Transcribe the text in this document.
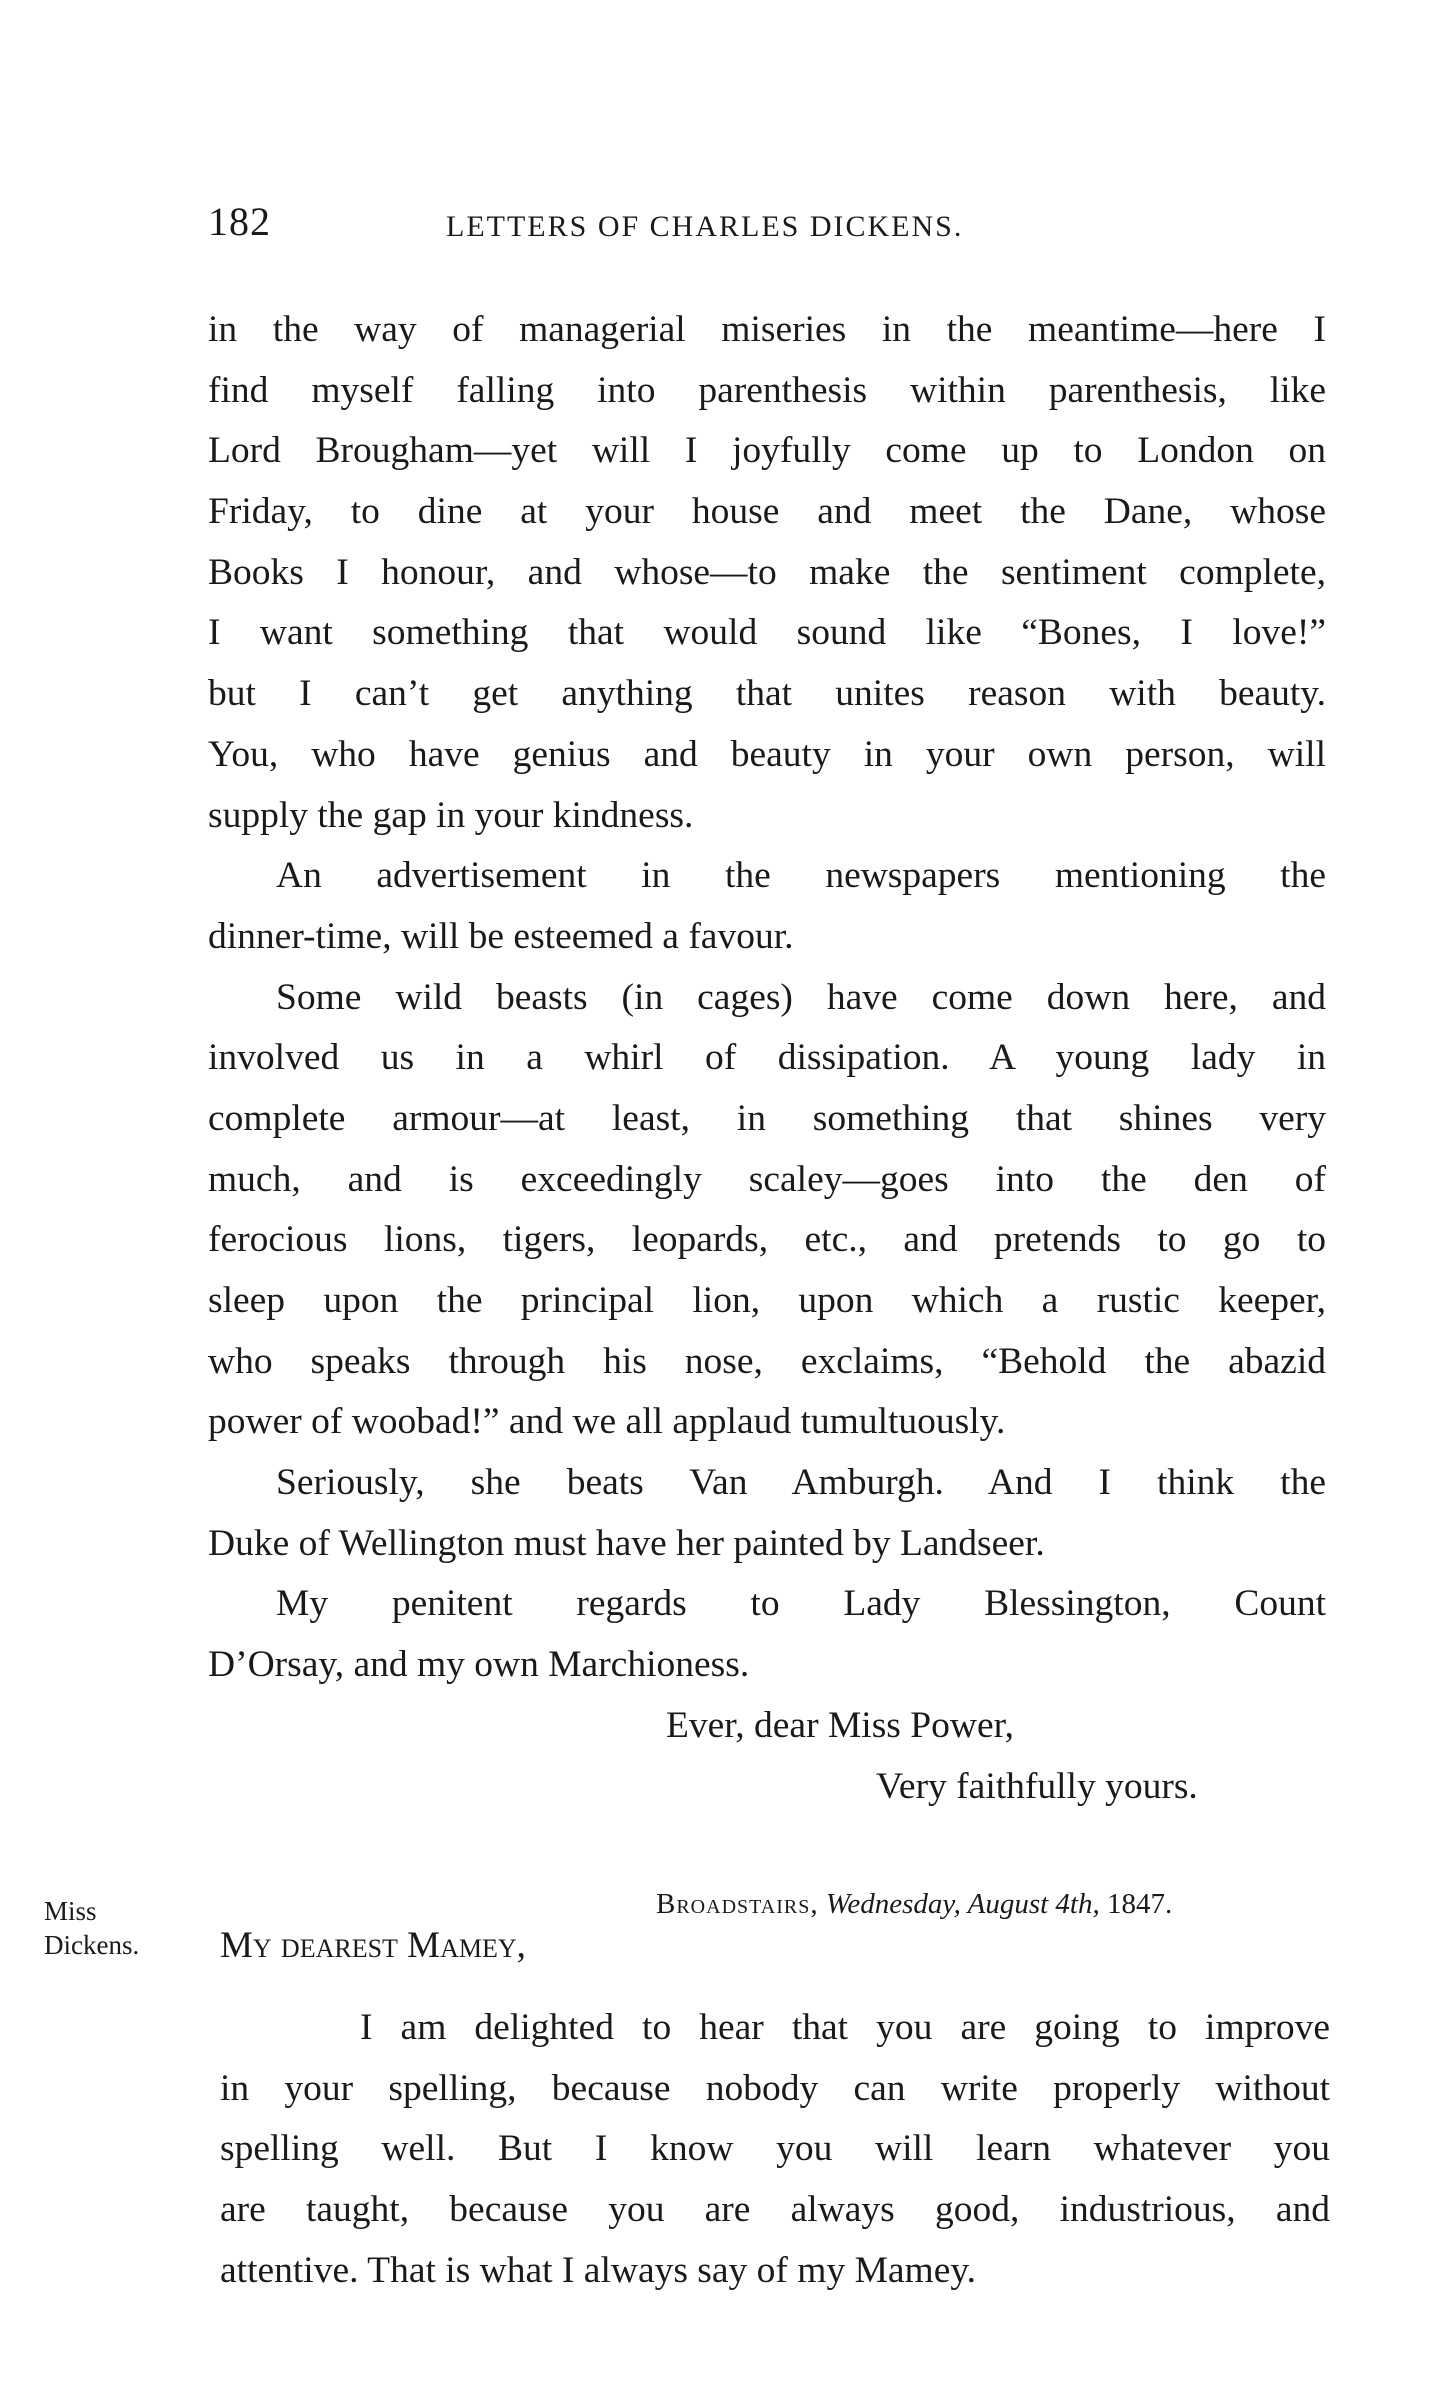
182	LETTERS OF CHARLES DICKENS.
in the way of managerial miseries in the meantime—here I
find myself falling into parenthesis within parenthesis, like
Lord Brougham—yet will I joyfully come up to London on
Friday, to dine at your house and meet the Dane, whose
Books I honour, and whose—to make the sentiment complete,
I want something that would sound like “Bones, I love!”
but I can’t get anything that unites reason with beauty.
You, who have genius and beauty in your own person, will
supply the gap in your kindness.
An advertisement in the newspapers mentioning the
dinner-time, will be esteemed a favour.
Some wild beasts (in cages) have come down here, and
involved us in a whirl of dissipation. A young lady in
complete armour—at least, in something that shines very
much, and is exceedingly scaley—goes into the den of
ferocious lions, tigers, leopards, etc., and pretends to go to
sleep upon the principal lion, upon which a rustic keeper,
who speaks through his nose, exclaims, “Behold the abazid
power of woobad!” and we all applaud tumultuously.
Seriously, she beats Van Amburgh. And I think the
Duke of Wellington must have her painted by Landseer.
My penitent regards to Lady Blessington, Count
D’Orsay, and my own Marchioness.
Ever, dear Miss Power,
Very faithfully yours.
Miss
Dickens.
Broadstairs, Wednesday, August 4th, 1847.
My dearest Mamey,
I am delighted to hear that you are going to improve
in your spelling, because nobody can write properly without
spelling well. But I know you will learn whatever you
are taught, because you are always good, industrious, and
attentive. That is what I always say of my Mamey.
